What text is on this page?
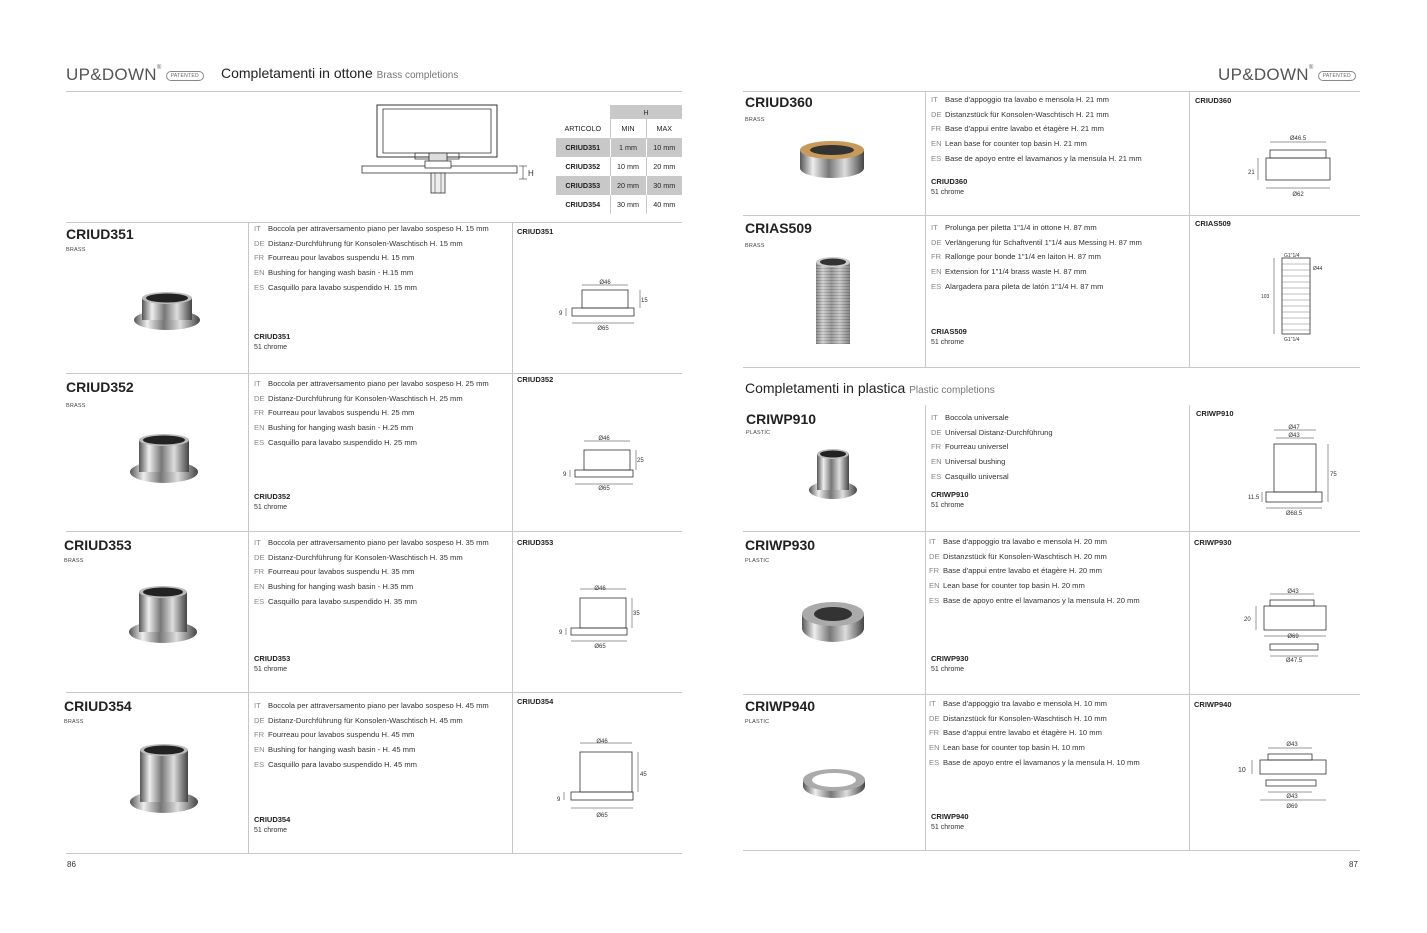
UP&DOWN®PATENTED	Completamenti in ottone Brass completions	UP&DOWN®PATENTED
H
	H	
ARTICOLO	MIN	MAX
CRIUD351	1 mm	10 mm
CRIUD352	10 mm	20 mm
CRIUD353	20 mm	30 mm
CRIUD354	30 mm	40 mm
CRIUD351
BRASS
IT Boccola per attraversamento piano per lavabo sospeso H. 15 mm
DE Distanz-Durchführung für Konsolen-Waschtisch H. 15 mm
FR Fourreau pour lavabos suspendu H. 15 mm
EN Bushing for hanging wash basin - H.15 mm
ES Casquillo para lavabo suspendido H. 15 mm
CRIUD351
51 chrome
CRIUD351
Ø46
15
9
Ø65
CRIUD352
BRASS
IT Boccola per attraversamento piano per lavabo sospeso H. 25 mm
DE Distanz-Durchführung für Konsolen-Waschtisch H. 25 mm
FR Fourreau pour lavabos suspendu H. 25 mm
EN Bushing for hanging wash basin - H.25 mm
ES Casquillo para lavabo suspendido H. 25 mm
CRIUD352
51 chrome
CRIUD352
Ø46
25
9
Ø65
CRIUD353
BRASS
IT Boccola per attraversamento piano per lavabo sospeso H. 35 mm
DE Distanz-Durchführung für Konsolen-Waschtisch H. 35 mm
FR Fourreau pour lavabos suspendu H. 35 mm
EN Bushing for hanging wash basin - H.35 mm
ES Casquillo para lavabo suspendido H. 35 mm
CRIUD353
51 chrome
CRIUD353
Ø46
35
9
Ø65
CRIUD354
BRASS
IT Boccola per attraversamento piano per lavabo sospeso H. 45 mm
DE Distanz-Durchführung für Konsolen-Waschtisch H. 45 mm
FR Fourreau pour lavabos suspendu H. 45 mm
EN Bushing for hanging wash basin - H. 45 mm
ES Casquillo para lavabo suspendido H. 45 mm
CRIUD354
51 chrome
CRIUD354
Ø46
45
9
Ø65
86
CRIUD360
BRASS
IT Base d'appoggio tra lavabo e mensola H. 21 mm
DE Distanzstück für Konsolen-Waschtisch H. 21 mm
FR Base d'appui entre lavabo et étagère H. 21 mm
EN Lean base for counter top basin H. 21 mm
ES Base de apoyo entre el lavamanos y la mensula H. 21 mm
CRIUD360
51 chrome
CRIUD360
Ø46.5
21
Ø62
CRIAS509
BRASS
IT Prolunga per piletta 1"1/4 in ottone H. 87 mm
DE Verlängerung für Schaftventil 1"1/4 aus Messing H. 87 mm
FR Rallonge pour bonde 1"1/4 en laiton H. 87 mm
EN Extension for 1"1/4 brass waste H. 87 mm
ES Alargadera para pileta de latón 1"1/4 H. 87 mm
CRIAS509
51 chrome
CRIAS509
G1"1/4
Ø44
103
G1"1/4
Completamenti in plastica Plastic completions
CRIWP910
PLASTIC
IT Boccola universale
DE Universal Distanz-Durchführung
FR Fourreau universel
EN Universal bushing
ES Casquillo universal
CRIWP910
51 chrome
CRIWP910
Ø47
Ø43
75
11.5
Ø68.5
CRIWP930
PLASTIC
IT Base d'appoggio tra lavabo e mensola H. 20 mm
DE Distanzstück für Konsolen-Waschtisch H. 20 mm
FR Base d'appui entre lavabo et étagère H. 20 mm
EN Lean base for counter top basin H. 20 mm
ES Base de apoyo entre el lavamanos y la mensula H. 20 mm
CRIWP930
51 chrome
CRIWP930
Ø43
20
Ø69
Ø47.5
CRIWP940
PLASTIC
IT Base d'appoggio tra lavabo e mensola H. 10 mm
DE Distanzstück für Konsolen-Waschtisch H. 10 mm
FR Base d'appui entre lavabo et étagère H. 10 mm
EN Lean base for counter top basin H. 10 mm
ES Base de apoyo entre el lavamanos y la mensula H. 10 mm
CRIWP940
51 chrome
CRIWP940
Ø43
10
Ø43
Ø69
87
